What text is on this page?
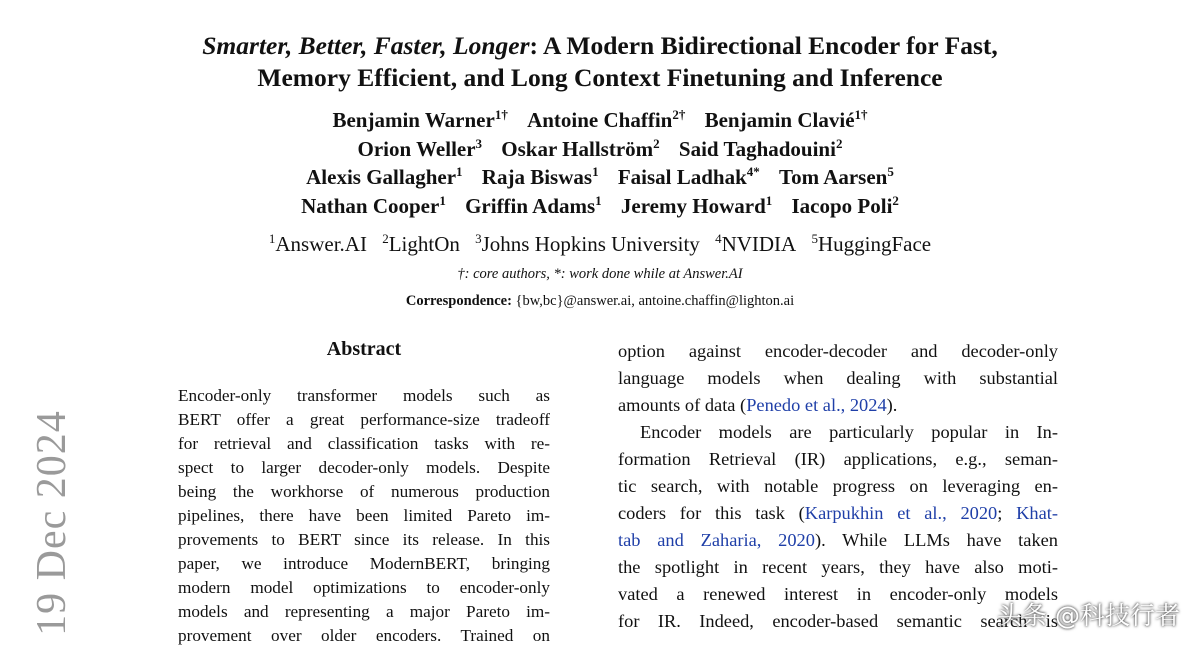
19 Dec 2024
Smarter, Better, Faster, Longer: A Modern Bidirectional Encoder for Fast,
Memory Efficient, and Long Context Finetuning and Inference
Benjamin Warner$^{1\dagger}$ Antoine Chaffin$^{2\dagger}$ Benjamin Clavié$^{1\dagger}$
Orion Weller$^3$ Oskar Hallström$^2$ Said Taghadouini$^2$
Alexis Gallagher$^1$ Raja Biswas$^1$ Faisal Ladhak$^{4*}$ Tom Aarsen$^5$
Nathan Cooper$^1$ Griffin Adams$^1$ Jeremy Howard$^1$ Iacopo Poli$^2$
$^1$Answer.AI $^2$LightOn $^3$Johns Hopkins University $^4$NVIDIA $^5$HuggingFace
†: core authors, *: work done while at Answer.AI
Correspondence: {bw,bc}@answer.ai, antoine.chaffin@lighton.ai
Abstract
Encoder-only transformer models such as
BERT offer a great performance-size tradeoff
for retrieval and classification tasks with re-
spect to larger decoder-only models. Despite
being the workhorse of numerous production
pipelines, there have been limited Pareto im-
provements to BERT since its release. In this
paper, we introduce ModernBERT, bringing
modern model optimizations to encoder-only
models and representing a major Pareto im-
provement over older encoders. Trained on
option against encoder-decoder and decoder-only
language models when dealing with substantial
amounts of data (Penedo et al., 2024).
Encoder models are particularly popular in In-
formation Retrieval (IR) applications, e.g., seman-
tic search, with notable progress on leveraging en-
coders for this task (Karpukhin et al., 2020; Khat-
tab and Zaharia, 2020). While LLMs have taken
the spotlight in recent years, they have also moti-
vated a renewed interest in encoder-only models
for IR. Indeed, encoder-based semantic search is
头条 @科技行者
